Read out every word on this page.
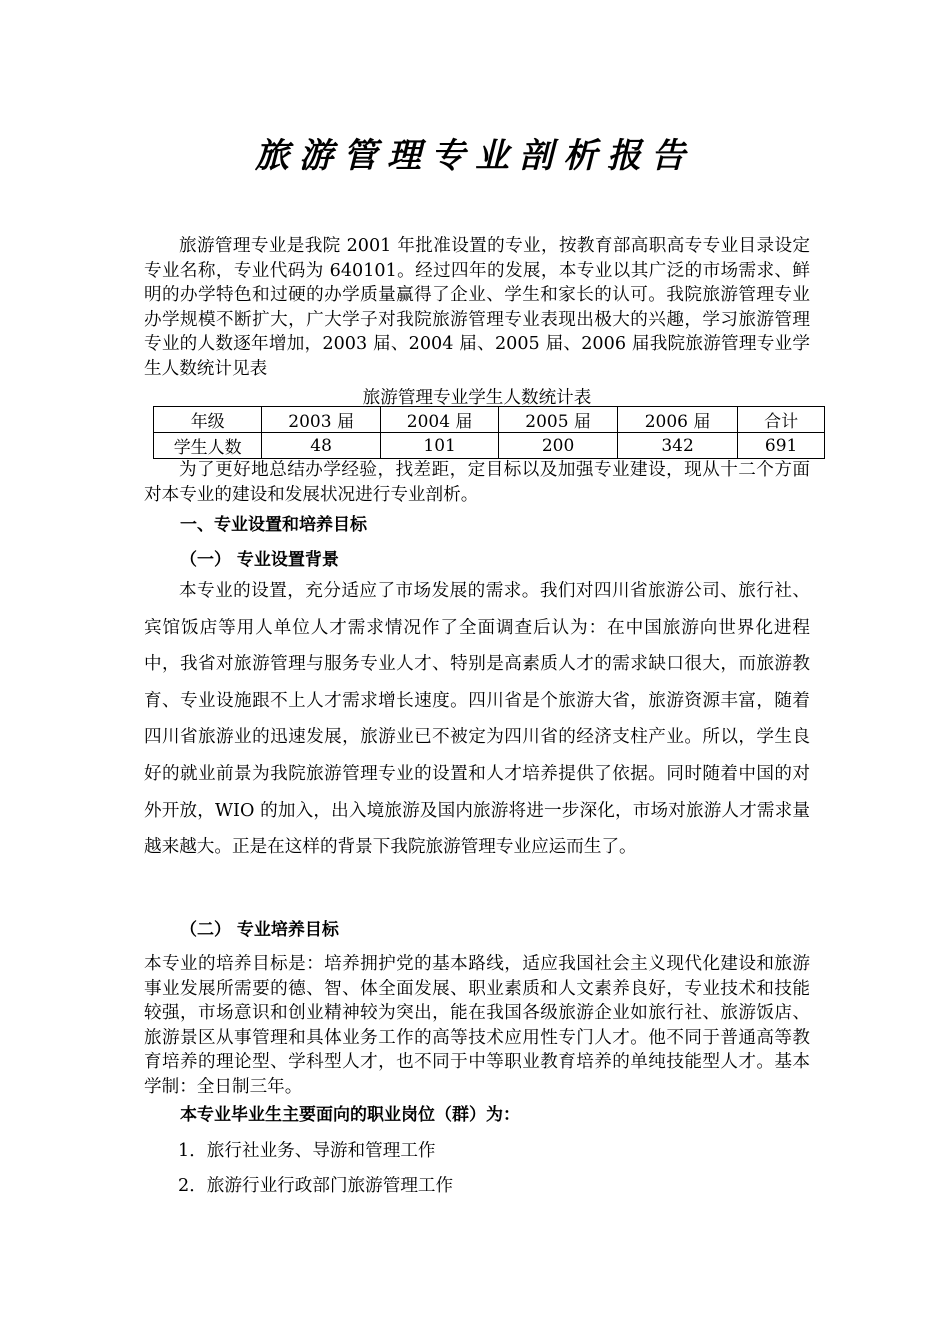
旅游管理专业剖析报告

旅游管理专业是我院 2001 年批准设置的专业，按教育部高职高专专业目录设定专业名称，专业代码为 640101。经过四年的发展，本专业以其广泛的市场需求、鲜明的办学特色和过硬的办学质量赢得了企业、学生和家长的认可。我院旅游管理专业办学规模不断扩大，广大学子对我院旅游管理专业表现出极大的兴趣，学习旅游管理专业的人数逐年增加，2003 届、2004 届、2005 届、2006 届我院旅游管理专业学生人数统计见表

旅游管理专业学生人数统计表
年级	2003 届	2004 届	2005 届	2006 届	合计
学生人数	48	101	200	342	691

为了更好地总结办学经验，找差距，定目标以及加强专业建设，现从十二个方面对本专业的建设和发展状况进行专业剖析。

一、专业设置和培养目标
（一） 专业设置背景

本专业的设置，充分适应了市场发展的需求。我们对四川省旅游公司、旅行社、宾馆饭店等用人单位人才需求情况作了全面调查后认为：在中国旅游向世界化进程中，我省对旅游管理与服务专业人才、特别是高素质人才的需求缺口很大，而旅游教育、专业设施跟不上人才需求增长速度。四川省是个旅游大省，旅游资源丰富，随着四川省旅游业的迅速发展，旅游业已不被定为四川省的经济支柱产业。所以，学生良好的就业前景为我院旅游管理专业的设置和人才培养提供了依据。同时随着中国的对外开放，WIO 的加入，出入境旅游及国内旅游将进一步深化，市场对旅游人才需求量越来越大。正是在这样的背景下我院旅游管理专业应运而生了。

（二） 专业培养目标

本专业的培养目标是：培养拥护党的基本路线，适应我国社会主义现代化建设和旅游事业发展所需要的德、智、体全面发展、职业素质和人文素养良好，专业技术和技能较强，市场意识和创业精神较为突出，能在我国各级旅游企业如旅行社、旅游饭店、旅游景区从事管理和具体业务工作的高等技术应用性专门人才。他不同于普通高等教育培养的理论型、学科型人才，也不同于中等职业教育培养的单纯技能型人才。基本学制：全日制三年。

本专业毕业生主要面向的职业岗位（群）为：
1．旅行社业务、导游和管理工作
2．旅游行业行政部门旅游管理工作
